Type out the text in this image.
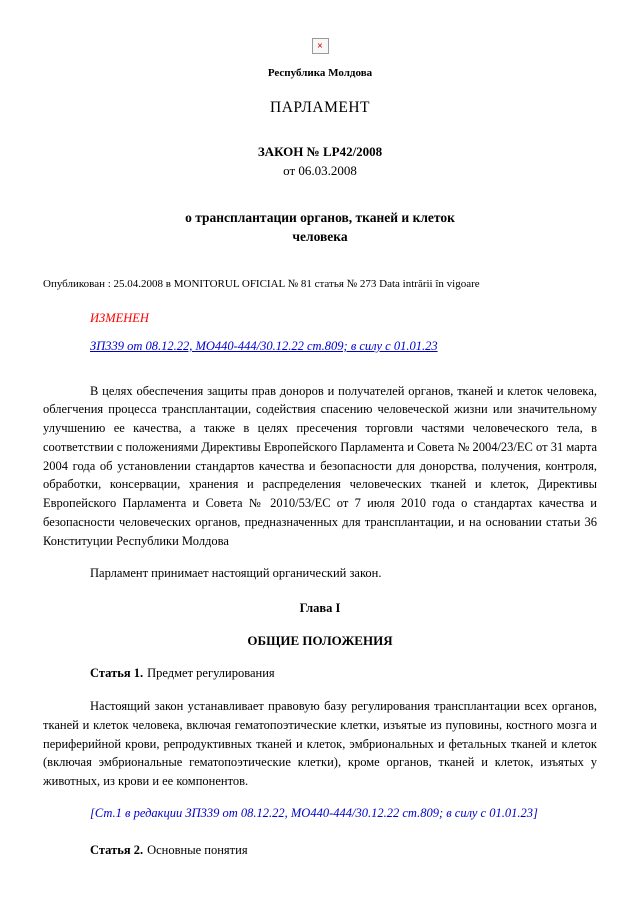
×
Республика Молдова
ПАРЛАМЕНТ
ЗАКОН № LP42/2008
от 06.03.2008
о трансплантации органов, тканей и клеток
человека
Опубликован : 25.04.2008 в MONITORUL OFICIAL № 81 статья № 273 Data intrării în vigoare
ИЗМЕНЕН
ЗП339 от 08.12.22, МО440-444/30.12.22 ст.809; в силу с 01.01.23

В целях обеспечения защиты прав доноров и получателей органов, тканей и клеток человека, облегчения процесса трансплантации, содействия спасению человеческой жизни или значительному улучшению ее качества, а также в целях пресечения торговли частями человеческого тела, в соответствии с положениями Директивы Европейского Парламента и Совета № 2004/23/ЕС от 31 марта 2004 года об установлении стандартов качества и безопасности для донорства, получения, контроля, обработки, консервации, хранения и распределения человеческих тканей и клеток, Директивы Европейского Парламента и Совета № 2010/53/ЕС от 7 июля 2010 года о стандартах качества и безопасности человеческих органов, предназначенных для трансплантации, и на основании статьи 36 Конституции Республики Молдова

Парламент принимает настоящий органический закон.

Глава I
ОБЩИЕ ПОЛОЖЕНИЯ

Статья 1. Предмет регулирования

Настоящий закон устанавливает правовую базу регулирования трансплантации всех органов, тканей и клеток человека, включая гематопоэтические клетки, изъятые из пуповины, костного мозга и периферийной крови, репродуктивных тканей и клеток, эмбриональных и фетальных тканей и клеток (включая эмбриональные гематопоэтические клетки), кроме органов, тканей и клеток, изъятых у животных, из крови и ее компонентов.

[Ст.1 в редакции ЗП339 от 08.12.22, МО440-444/30.12.22 ст.809; в силу с 01.01.23]

Статья 2. Основные понятия
